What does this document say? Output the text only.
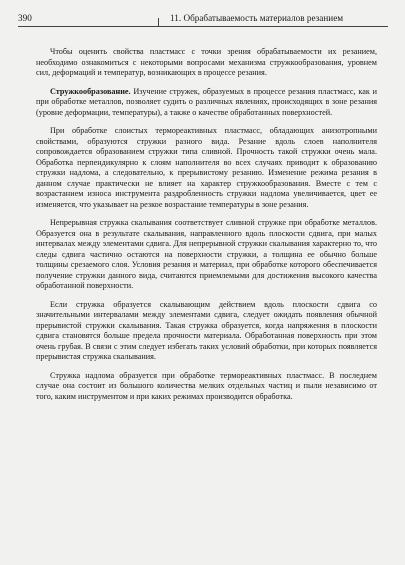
390	11. Обрабатываемость материалов резанием

Чтобы оценить свойства пластмасс с точки зрения обрабатываемости их резанием, необходимо ознакомиться с некоторыми вопросами механизма стружкообразования, уровнем сил, деформаций и температур, возникающих в процессе резания.

Стружкообразование. Изучение стружек, образуемых в процессе резания пластмасс, как и при обработке металлов, позволяет судить о различных явлениях, происходящих в зоне резания (уровне деформации, температуры), а также о качестве обработанных поверхностей.

При обработке слоистых термореактивных пластмасс, обладающих анизотропными свойствами, образуются стружки разного вида. Резание вдоль слоев наполнителя сопровождается образованием стружки типа сливной. Прочность такой стружки очень мала. Обработка перпендикулярно к слоям наполнителя во всех случаях приводит к образованию стружки надлома, а следовательно, к прерывистому резанию. Изменение режима резания в данном случае практически не влияет на характер стружкообразования. Вместе с тем с возрастанием износа инструмента раздробленность стружки надлома увеличивается, цвет ее изменяется, что указывает на резкое возрастание температуры в зоне резания.

Непрерывная стружка скалывания соответствует сливной стружке при обработке металлов. Образуется она в результате скалывания, направленного вдоль плоскости сдвига, при малых интервалах между элементами сдвига. Для непрерывной стружки скалывания характерно то, что следы сдвига частично остаются на поверхности стружки, а толщина ее обычно больше толщины срезаемого слоя. Условия резания и материал, при обработке которого обеспечивается получение стружки данного вида, считаются приемлемыми для достижения высокого качества обработанной поверхности.

Если стружка образуется скалывающим действием вдоль плоскости сдвига со значительными интервалами между элементами сдвига, следует ожидать появления обычной прерывистой стружки скалывания. Такая стружка образуется, когда напряжения в плоскости сдвига становятся больше предела прочности материала. Обработанная поверхность при этом очень грубая. В связи с этим следует избегать таких условий обработки, при которых появляется прерывистая стружка скалывания.

Стружка надлома образуется при обработке термореактивных пластмасс. В последнем случае она состоит из большого количества мелких отдельных частиц и пыли независимо от того, каким инструментом и при каких режимах производится обработка.
